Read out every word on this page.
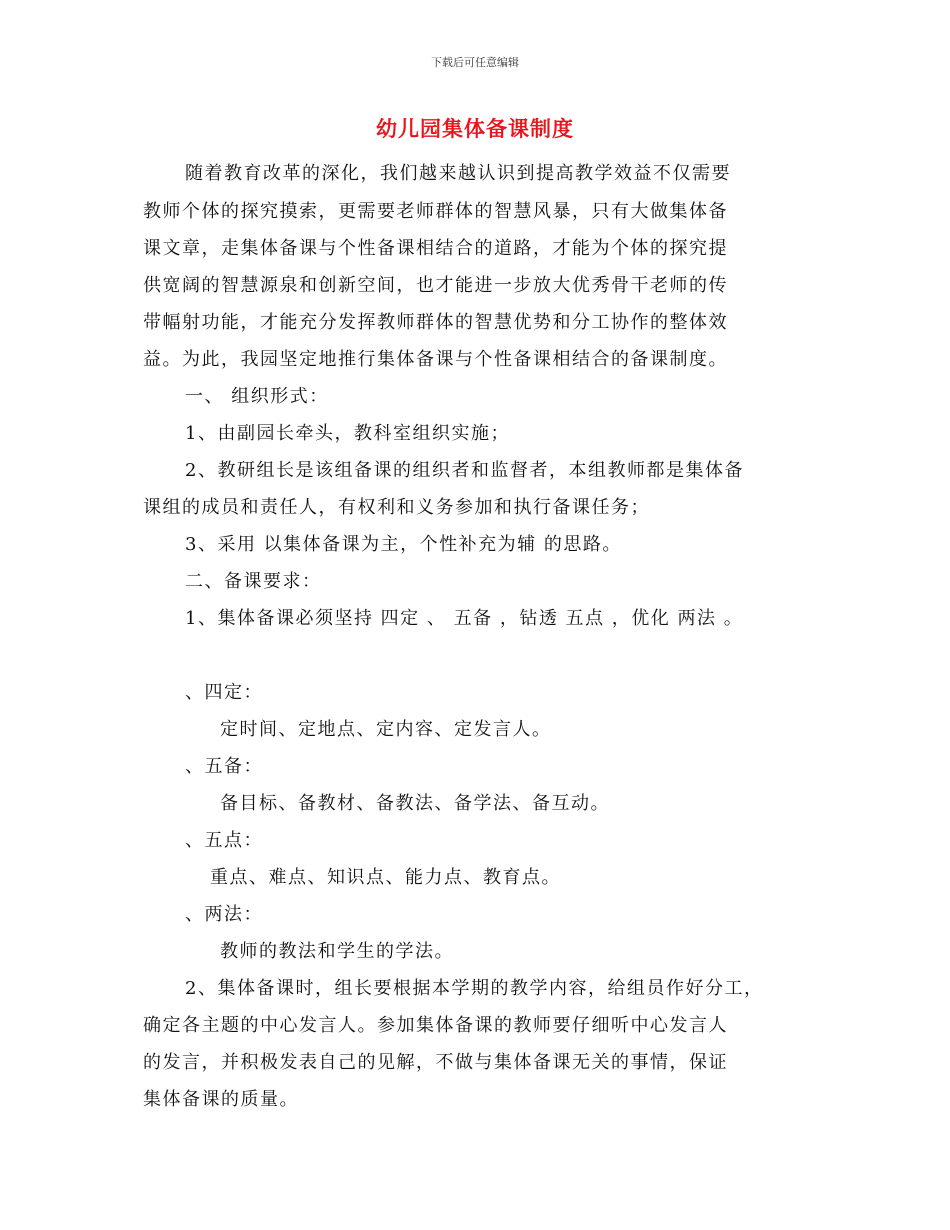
下载后可任意编辑
幼儿园集体备课制度
随着教育改革的深化，我们越来越认识到提高教学效益不仅需要
教师个体的探究摸索，更需要老师群体的智慧风暴，只有大做集体备
课文章，走集体备课与个性备课相结合的道路，才能为个体的探究提
供宽阔的智慧源泉和创新空间，也才能进一步放大优秀骨干老师的传
带幅射功能，才能充分发挥教师群体的智慧优势和分工协作的整体效
益。为此，我园坚定地推行集体备课与个性备课相结合的备课制度。
一、 组织形式：
1、由副园长牵头，教科室组织实施；
2、教研组长是该组备课的组织者和监督者，本组教师都是集体备
课组的成员和责任人，有权利和义务参加和执行备课任务；
3、采用 以集体备课为主，个性补充为辅 的思路。
二、备课要求：
1、集体备课必须坚持 四定 、 五备 ，钻透 五点 ，优化 两法 。
、四定：
定时间、定地点、定内容、定发言人。
、五备：
备目标、备教材、备教法、备学法、备互动。
、五点：
重点、难点、知识点、能力点、教育点。
、两法：
教师的教法和学生的学法。
2、集体备课时，组长要根据本学期的教学内容，给组员作好分工，
确定各主题的中心发言人。参加集体备课的教师要仔细听中心发言人
的发言，并积极发表自己的见解，不做与集体备课无关的事情，保证
集体备课的质量。
